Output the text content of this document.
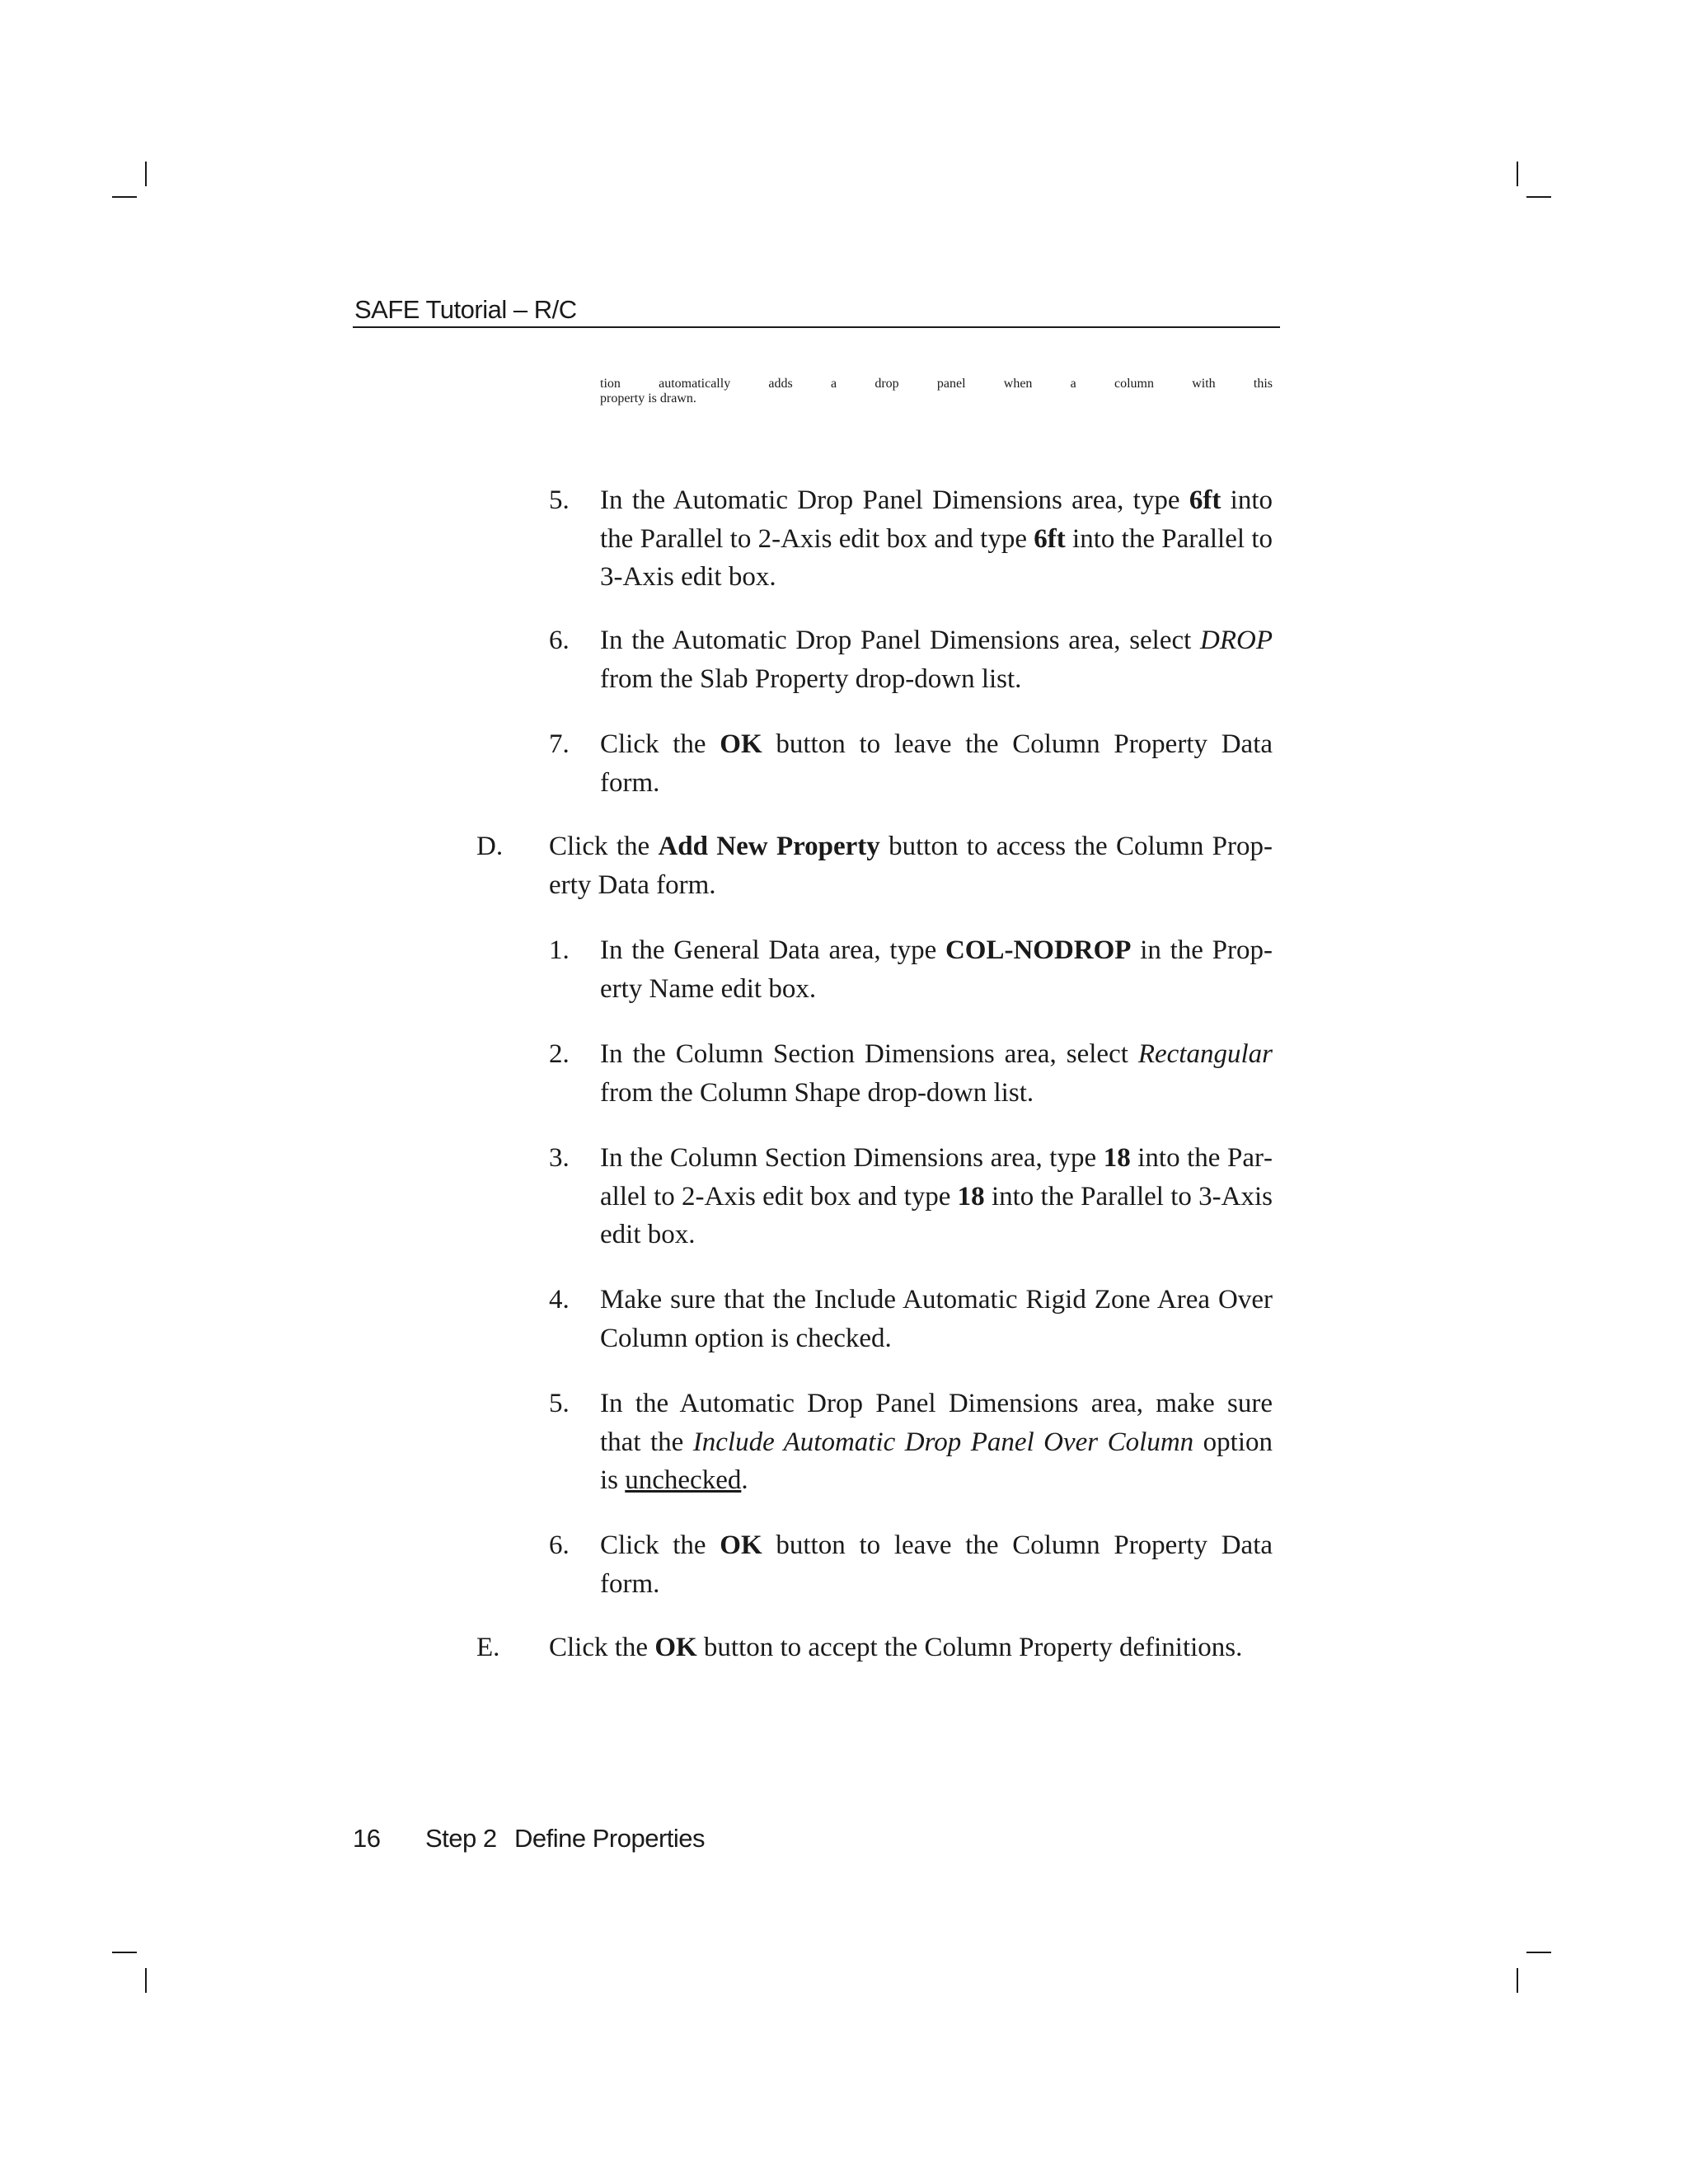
SAFE Tutorial – R/C
tion automatically adds a drop panel when a column with this
property is drawn.
5. In the Automatic Drop Panel Dimensions area, type 6ft into the Parallel to 2-Axis edit box and type 6ft into the Parallel to 3-Axis edit box.
6. In the Automatic Drop Panel Dimensions area, select DROP from the Slab Property drop-down list.
7. Click the OK button to leave the Column Property Data form.
D. Click the Add New Property button to access the Column Property Data form.
1. In the General Data area, type COL-NODROP in the Property Name edit box.
2. In the Column Section Dimensions area, select Rectangular from the Column Shape drop-down list.
3. In the Column Section Dimensions area, type 18 into the Parallel to 2-Axis edit box and type 18 into the Parallel to 3-Axis edit box.
4. Make sure that the Include Automatic Rigid Zone Area Over Column option is checked.
5. In the Automatic Drop Panel Dimensions area, make sure that the Include Automatic Drop Panel Over Column option is unchecked.
6. Click the OK button to leave the Column Property Data form.
E. Click the OK button to accept the Column Property definitions.
16 Step 2 Define Properties
